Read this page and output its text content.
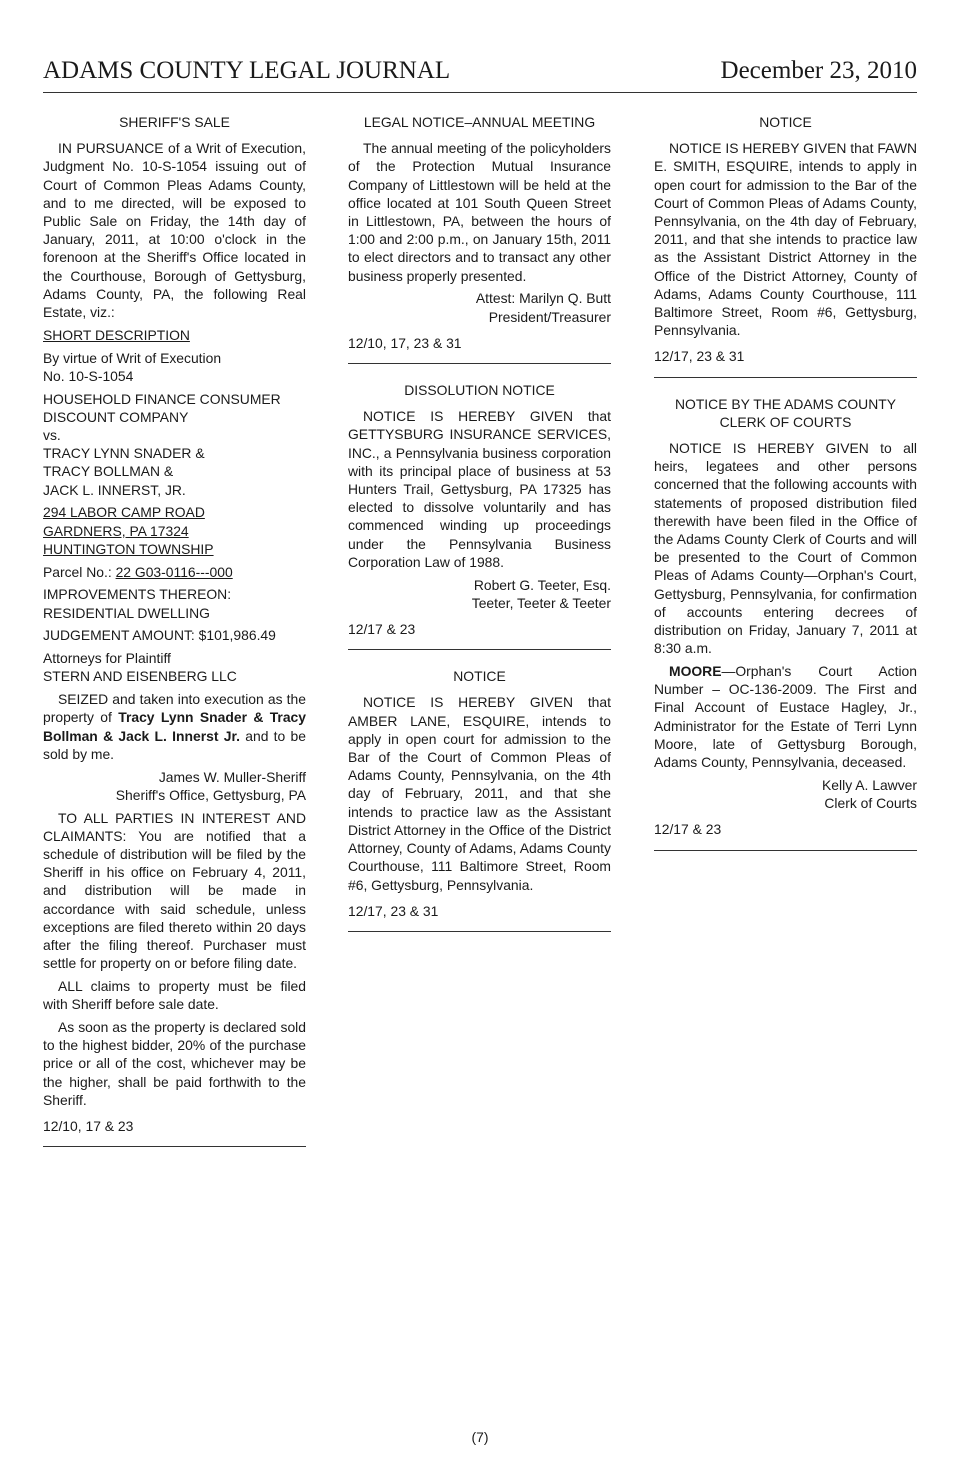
ADAMS COUNTY LEGAL JOURNAL	December 23, 2010
SHERIFF'S SALE

IN PURSUANCE of a Writ of Execution, Judgment No. 10-S-1054 issuing out of Court of Common Pleas Adams County, and to me directed, will be exposed to Public Sale on Friday, the 14th day of January, 2011, at 10:00 o'clock in the forenoon at the Sheriff's Office located in the Courthouse, Borough of Gettysburg, Adams County, PA, the following Real Estate, viz.:

SHORT DESCRIPTION

By virtue of Writ of Execution
No. 10-S-1054

HOUSEHOLD FINANCE CONSUMER
DISCOUNT COMPANY
vs.
TRACY LYNN SNADER &
TRACY BOLLMAN &
JACK L. INNERST, JR.

294 LABOR CAMP ROAD
GARDNERS, PA 17324
HUNTINGTON TOWNSHIP

Parcel No.: 22 G03-0116---000

IMPROVEMENTS THEREON:
RESIDENTIAL DWELLING

JUDGEMENT AMOUNT: $101,986.49

Attorneys for Plaintiff
STERN AND EISENBERG LLC

SEIZED and taken into execution as the property of Tracy Lynn Snader & Tracy Bollman & Jack L. Innerst Jr. and to be sold by me.

James W. Muller-Sheriff
Sheriff's Office, Gettysburg, PA

TO ALL PARTIES IN INTEREST AND CLAIMANTS: You are notified that a schedule of distribution will be filed by the Sheriff in his office on February 4, 2011, and distribution will be made in accordance with said schedule, unless exceptions are filed thereto within 20 days after the filing thereof. Purchaser must settle for property on or before filing date.

ALL claims to property must be filed with Sheriff before sale date.

As soon as the property is declared sold to the highest bidder, 20% of the purchase price or all of the cost, whichever may be the higher, shall be paid forthwith to the Sheriff.

12/10, 17 & 23

LEGAL NOTICE–ANNUAL MEETING

The annual meeting of the policyholders of the Protection Mutual Insurance Company of Littlestown will be held at the office located at 101 South Queen Street in Littlestown, PA, between the hours of 1:00 and 2:00 p.m., on January 15th, 2011 to elect directors and to transact any other business properly presented.

Attest: Marilyn Q. Butt
President/Treasurer

12/10, 17, 23 & 31

DISSOLUTION NOTICE

NOTICE IS HEREBY GIVEN that GETTYSBURG INSURANCE SERVICES, INC., a Pennsylvania business corporation with its principal place of business at 53 Hunters Trail, Gettysburg, PA 17325 has elected to dissolve voluntarily and has commenced winding up proceedings under the Pennsylvania Business Corporation Law of 1988.

Robert G. Teeter, Esq.
Teeter, Teeter & Teeter

12/17 & 23

NOTICE

NOTICE IS HEREBY GIVEN that AMBER LANE, ESQUIRE, intends to apply in open court for admission to the Bar of the Court of Common Pleas of Adams County, Pennsylvania, on the 4th day of February, 2011, and that she intends to practice law as the Assistant District Attorney in the Office of the District Attorney, County of Adams, Adams County Courthouse, 111 Baltimore Street, Room #6, Gettysburg, Pennsylvania.

12/17, 23 & 31

NOTICE

NOTICE IS HEREBY GIVEN that FAWN E. SMITH, ESQUIRE, intends to apply in open court for admission to the Bar of the Court of Common Pleas of Adams County, Pennsylvania, on the 4th day of February, 2011, and that she intends to practice law as the Assistant District Attorney in the Office of the District Attorney, County of Adams, Adams County Courthouse, 111 Baltimore Street, Room #6, Gettysburg, Pennsylvania.

12/17, 23 & 31

NOTICE BY THE ADAMS COUNTY
CLERK OF COURTS

NOTICE IS HEREBY GIVEN to all heirs, legatees and other persons concerned that the following accounts with statements of proposed distribution filed therewith have been filed in the Office of the Adams County Clerk of Courts and will be presented to the Court of Common Pleas of Adams County—Orphan's Court, Gettysburg, Pennsylvania, for confirmation of accounts entering decrees of distribution on Friday, January 7, 2011 at 8:30 a.m.

MOORE—Orphan's Court Action Number – OC-136-2009. The First and Final Account of Eustace Hagley, Jr., Administrator for the Estate of Terri Lynn Moore, late of Gettysburg Borough, Adams County, Pennsylvania, deceased.

Kelly A. Lawver
Clerk of Courts

12/17 & 23

(7)
